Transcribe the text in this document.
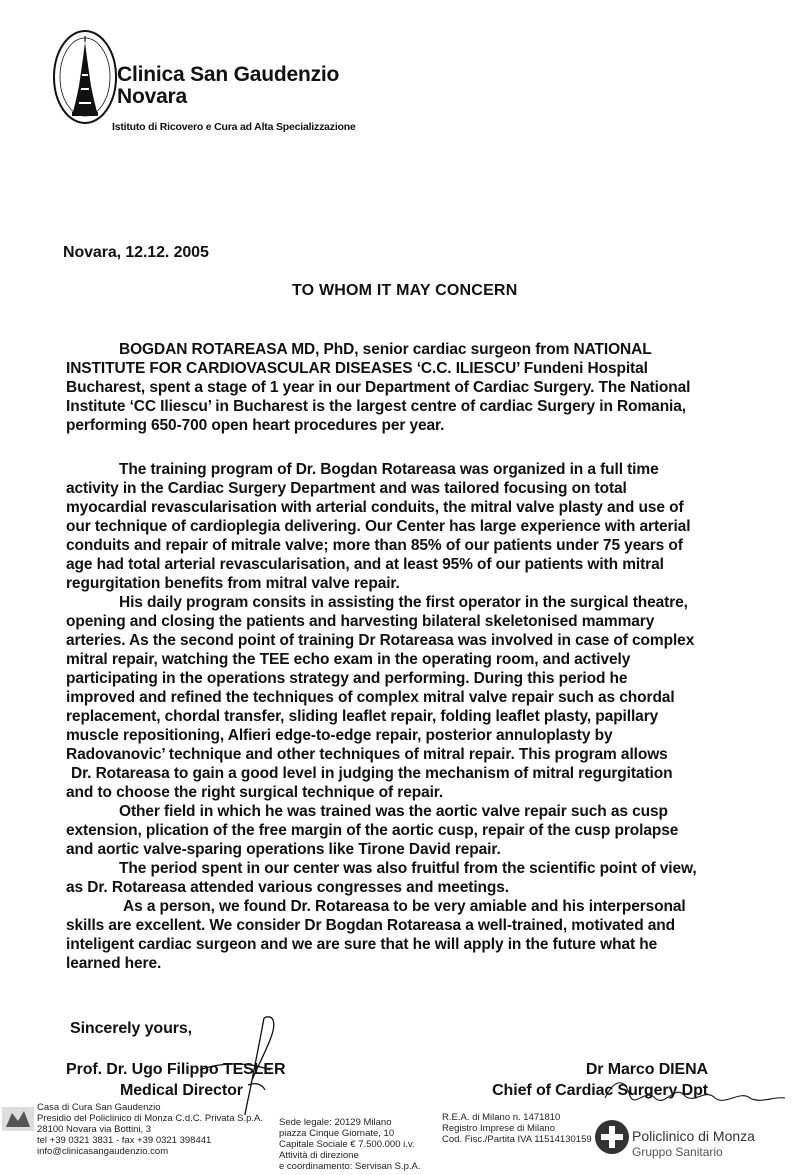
Clinica San Gaudenzio
Novara
Istituto di Ricovero e Cura ad Alta Specializzazione
Novara, 12.12. 2005
TO WHOM IT MAY CONCERN
BOGDAN ROTAREASA MD, PhD, senior cardiac surgeon from NATIONAL
INSTITUTE FOR CARDIOVASCULAR DISEASES ‘C.C. ILIESCU’ Fundeni Hospital
Bucharest, spent a stage of 1 year in our Department of Cardiac Surgery. The National
Institute ‘CC Iliescu’ in Bucharest is the largest centre of cardiac Surgery in Romania,
performing 650-700 open heart procedures per year.
The training program of Dr. Bogdan Rotareasa was organized in a full time
activity in the Cardiac Surgery Department and was tailored focusing on total
myocardial revascularisation with arterial conduits, the mitral valve plasty and use of
our technique of cardioplegia delivering. Our Center has large experience with arterial
conduits and repair of mitrale valve; more than 85% of our patients under 75 years of
age had total arterial revascularisation, and at least 95% of our patients with mitral
regurgitation benefits from mitral valve repair.
His daily program consits in assisting the first operator in the surgical theatre,
opening and closing the patients and harvesting bilateral skeletonised mammary
arteries. As the second point of training Dr Rotareasa was involved in case of complex
mitral repair, watching the TEE echo exam in the operating room, and actively
participating in the operations strategy and performing. During this period he
improved and refined the techniques of complex mitral valve repair such as chordal
replacement, chordal transfer, sliding leaflet repair, folding leaflet plasty, papillary
muscle repositioning, Alfieri edge-to-edge repair, posterior annuloplasty by
Radovanovic’ technique and other techniques of mitral repair. This program allows
Dr. Rotareasa to gain a good level in judging the mechanism of mitral regurgitation
and to choose the right surgical technique of repair.
Other field in which he was trained was the aortic valve repair such as cusp
extension, plication of the free margin of the aortic cusp, repair of the cusp prolapse
and aortic valve-sparing operations like Tirone David repair.
The period spent in our center was also fruitful from the scientific point of view,
as Dr. Rotareasa attended various congresses and meetings.
As a person, we found Dr. Rotareasa to be very amiable and his interpersonal
skills are excellent. We consider Dr Bogdan Rotareasa a well-trained, motivated and
inteligent cardiac surgeon and we are sure that he will apply in the future what he
learned here.
Sincerely yours,
Prof. Dr. Ugo Filippo TESLER
Medical Director
Dr Marco DIENA
Chief of Cardiac Surgery Dpt
Casa di Cura San Gaudenzio
Presidio del Policlinico di Monza C.d.C. Privata S.p.A.
28100 Novara via Bottini, 3
tel +39 0321 3831 - fax +39 0321 398441
info@clinicasangaudenzio.com
Sede legale: 20129 Milano
piazza Cinque Giornate, 10
Capitale Sociale € 7.500.000 i.v.
Attività di direzione
e coordinamento: Servisan S.p.A.
R.E.A. di Milano n. 1471810
Registro Imprese di Milano
Cod. Fisc./Partita IVA 11514130159	Policlinico di Monza
Gruppo Sanitario
